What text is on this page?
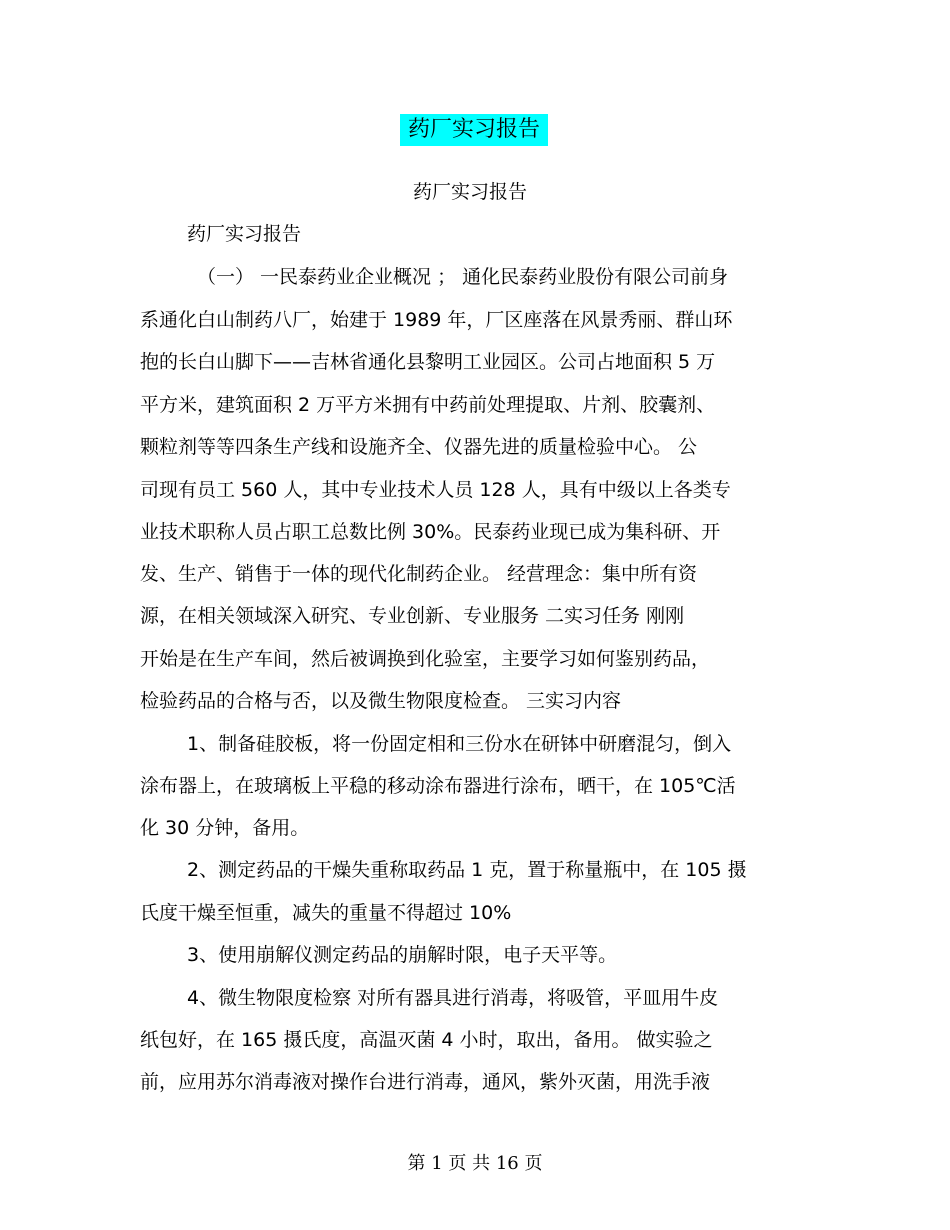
药厂实习报告
药厂实习报告
药厂实习报告
（一） 一民泰药业企业概况 ； 通化民泰药业股份有限公司前身
系通化白山制药八厂，始建于 1989 年，厂区座落在风景秀丽、群山环
抱的长白山脚下——吉林省通化县黎明工业园区。公司占地面积 5 万
平方米，建筑面积 2 万平方米拥有中药前处理提取、片剂、胶囊剂、
颗粒剂等等四条生产线和设施齐全、仪器先进的质量检验中心。 公
司现有员工 560 人，其中专业技术人员 128 人，具有中级以上各类专
业技术职称人员占职工总数比例 30%。民泰药业现已成为集科研、开
发、生产、销售于一体的现代化制药企业。 经营理念：集中所有资
源，在相关领域深入研究、专业创新、专业服务 二实习任务 刚刚
开始是在生产车间，然后被调换到化验室，主要学习如何鉴别药品，
检验药品的合格与否，以及微生物限度检查。 三实习内容
1、制备硅胶板，将一份固定相和三份水在研钵中研磨混匀，倒入
涂布器上，在玻璃板上平稳的移动涂布器进行涂布，晒干，在 105℃活
化 30 分钟，备用。
2、测定药品的干燥失重称取药品 1 克，置于称量瓶中，在 105 摄
氏度干燥至恒重，减失的重量不得超过 10%
3、使用崩解仪测定药品的崩解时限，电子天平等。
4、微生物限度检察 对所有器具进行消毒，将吸管，平皿用牛皮
纸包好，在 165 摄氏度，高温灭菌 4 小时，取出，备用。 做实验之
前，应用苏尔消毒液对操作台进行消毒，通风，紫外灭菌，用洗手液
第 1 页 共 16 页
